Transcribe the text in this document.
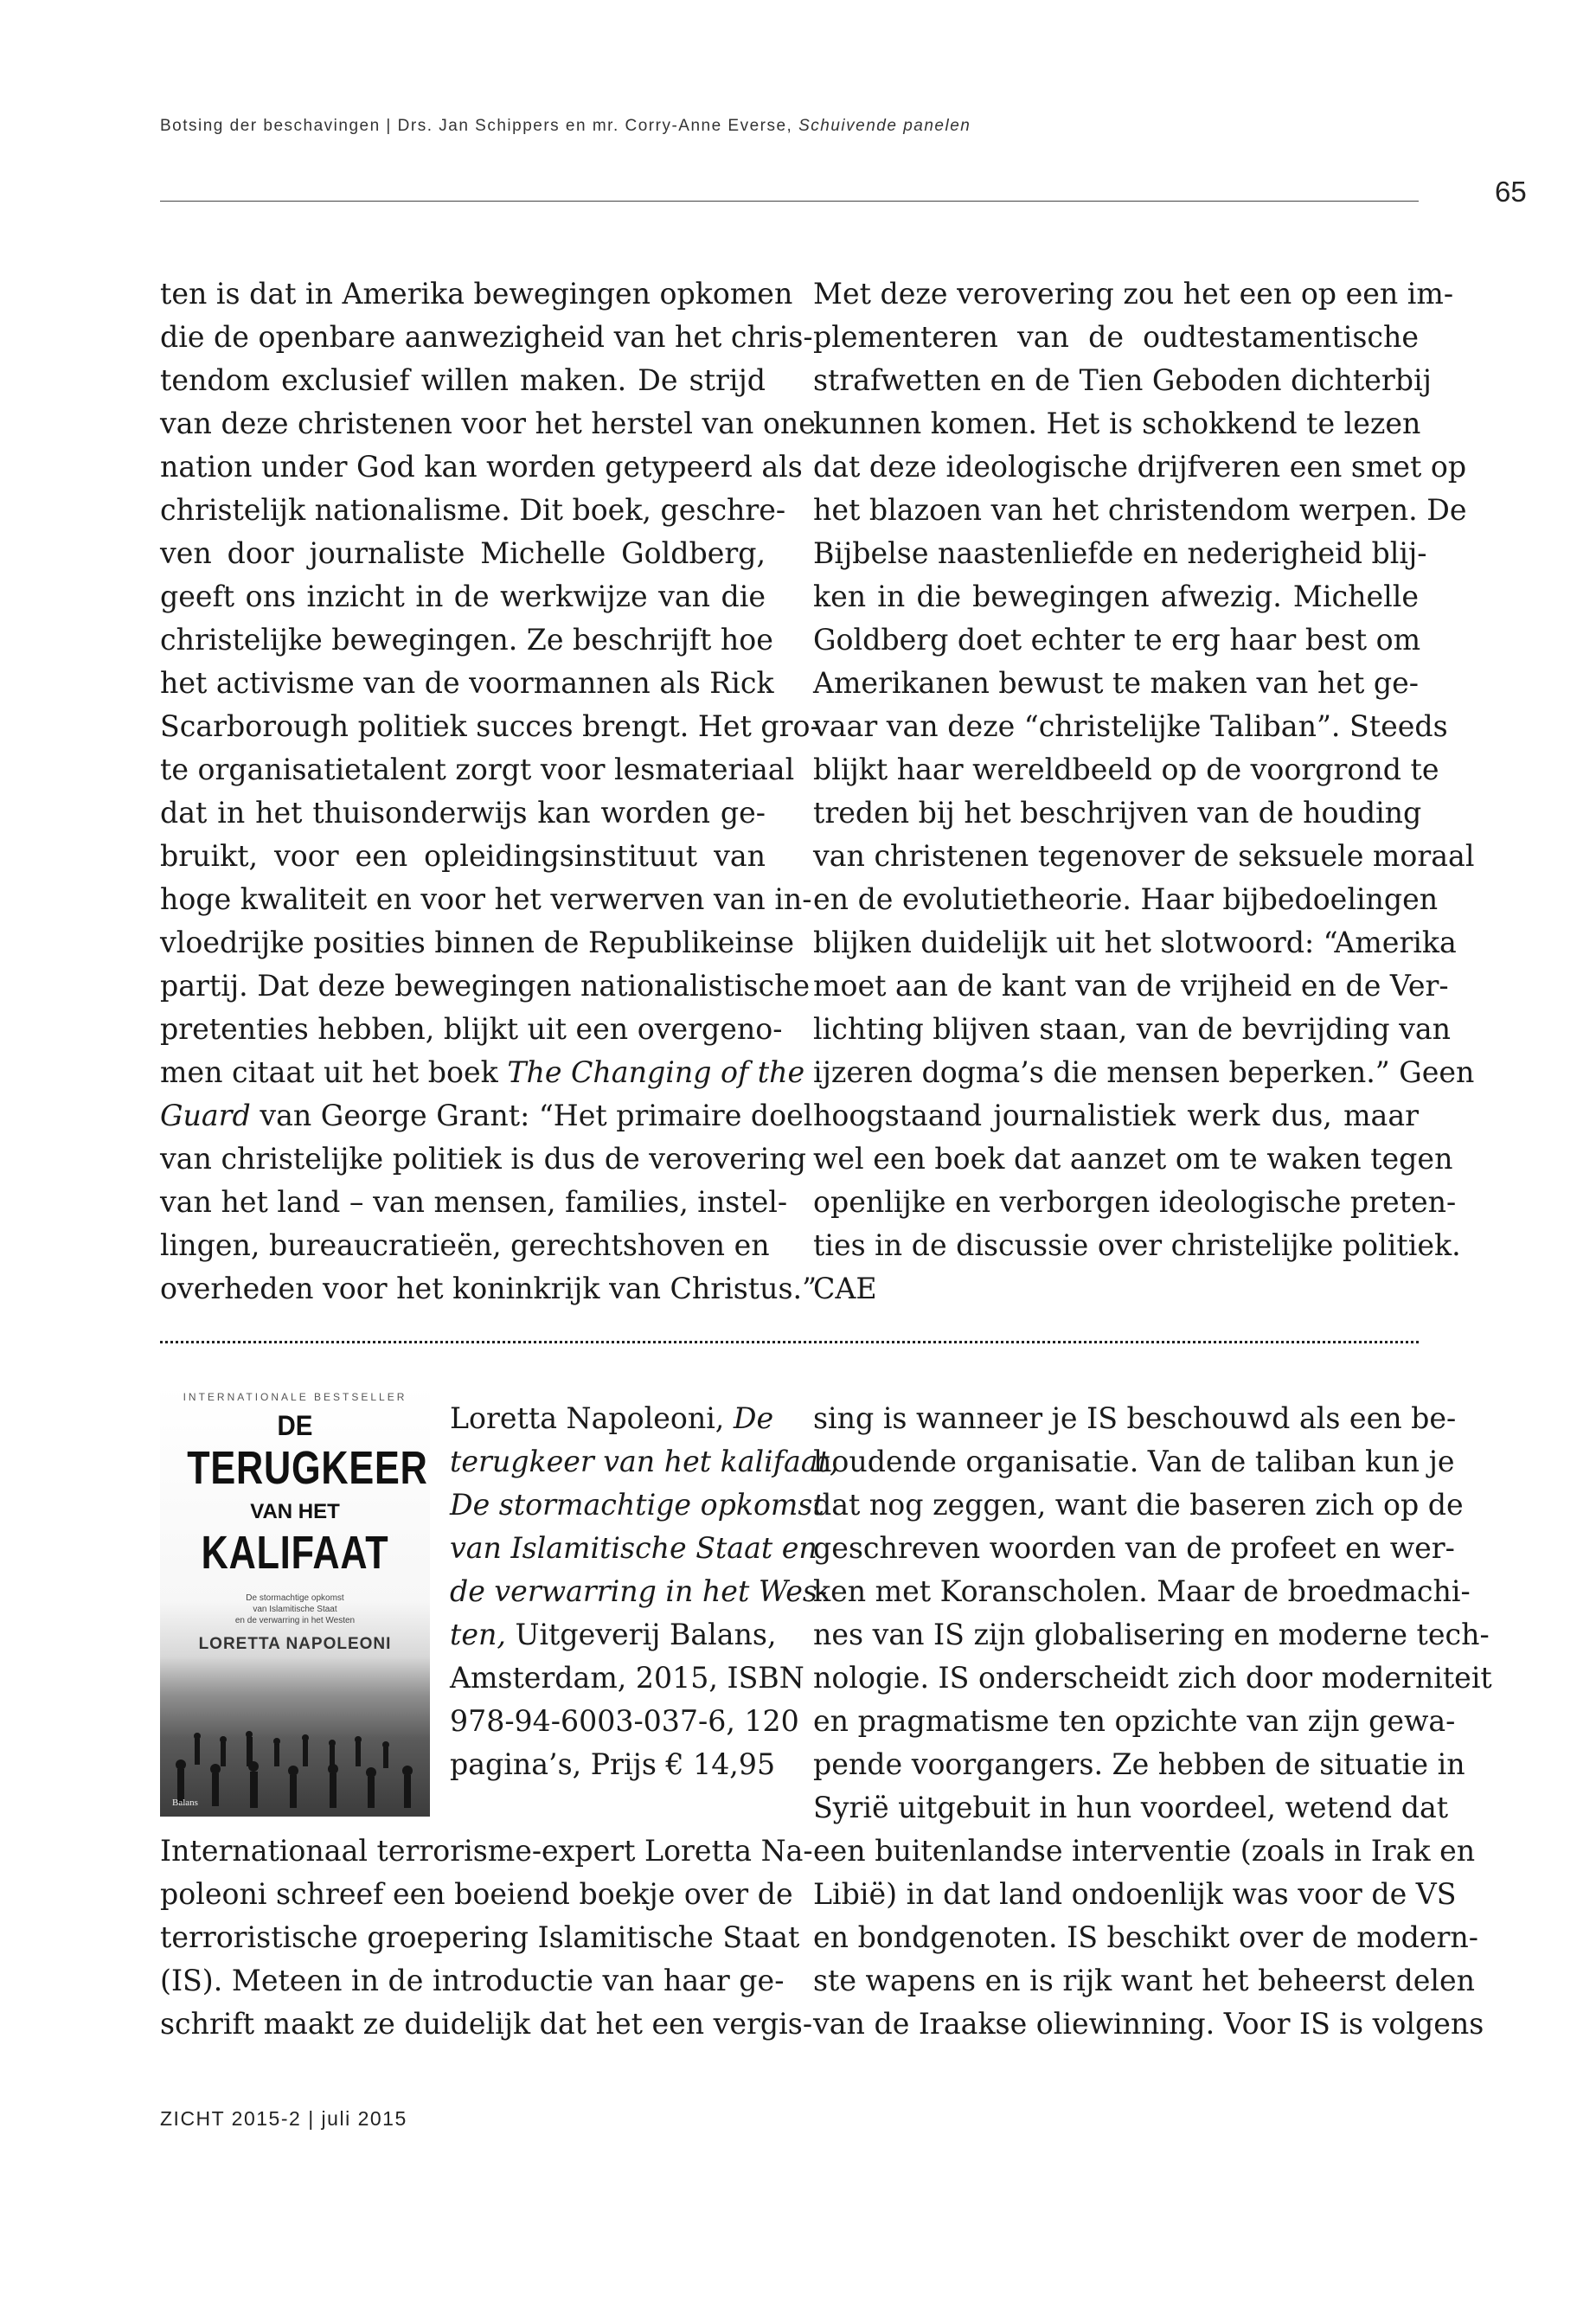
Botsing der beschavingen | Drs. Jan Schippers en mr. Corry-Anne Everse, Schuivende panelen
65
ten is dat in Amerika bewegingen opkomen
die de openbare aanwezigheid van het chris-
tendom exclusief willen maken. De strijd
van deze christenen voor het herstel van one
nation under God kan worden getypeerd als
christelijk nationalisme. Dit boek, geschre-
ven door journaliste Michelle Goldberg,
geeft ons inzicht in de werkwijze van die
christelijke bewegingen. Ze beschrijft hoe
het activisme van de voormannen als Rick
Scarborough politiek succes brengt. Het gro-
te organisatietalent zorgt voor lesmateriaal
dat in het thuisonderwijs kan worden ge-
bruikt, voor een opleidingsinstituut van
hoge kwaliteit en voor het verwerven van in-
vloedrijke posities binnen de Republikeinse
partij. Dat deze bewegingen nationalistische
pretenties hebben, blijkt uit een overgeno-
men citaat uit het boek The Changing of the
Guard van George Grant: “Het primaire doel
van christelijke politiek is dus de verovering
van het land – van mensen, families, instel-
lingen, bureaucratieën, gerechtshoven en
overheden voor het koninkrijk van Christus.”
Met deze verovering zou het een op een im-
plementeren van de oudtestamentische
strafwetten en de Tien Geboden dichterbij
kunnen komen. Het is schokkend te lezen
dat deze ideologische drijfveren een smet op
het blazoen van het christendom werpen. De
Bijbelse naastenliefde en nederigheid blij-
ken in die bewegingen afwezig. Michelle
Goldberg doet echter te erg haar best om
Amerikanen bewust te maken van het ge-
vaar van deze “christelijke Taliban”. Steeds
blijkt haar wereldbeeld op de voorgrond te
treden bij het beschrijven van de houding
van christenen tegenover de seksuele moraal
en de evolutietheorie. Haar bijbedoelingen
blijken duidelijk uit het slotwoord: “Amerika
moet aan de kant van de vrijheid en de Ver-
lichting blijven staan, van de bevrijding van
ijzeren dogma’s die mensen beperken.” Geen
hoogstaand journalistiek werk dus, maar
wel een boek dat aanzet om te waken tegen
openlijke en verborgen ideologische preten-
ties in de discussie over christelijke politiek.
CAE
INTERNATIONALE BESTSELLER
DE
TERUGKEER
VAN HET
KALIFAAT
De stormachtige opkomst
van Islamitische Staat
en de verwarring in het Westen
LORETTA NAPOLEONI
Balans
Loretta Napoleoni, De
terugkeer van het kalifaat,
De stormachtige opkomst
van Islamitische Staat en
de verwarring in het Wes-
ten, Uitgeverij Balans,
Amsterdam, 2015, ISBN
978-94-6003-037-6, 120
pagina’s, Prijs € 14,95
Internationaal terrorisme-expert Loretta Na-
poleoni schreef een boeiend boekje over de
terroristische groepering Islamitische Staat
(IS). Meteen in de introductie van haar ge-
schrift maakt ze duidelijk dat het een vergis-
sing is wanneer je IS beschouwd als een be-
houdende organisatie. Van de taliban kun je
dat nog zeggen, want die baseren zich op de
geschreven woorden van de profeet en wer-
ken met Koranscholen. Maar de broedmachi-
nes van IS zijn globalisering en moderne tech-
nologie. IS onderscheidt zich door moderniteit
en pragmatisme ten opzichte van zijn gewa-
pende voorgangers. Ze hebben de situatie in
Syrië uitgebuit in hun voordeel, wetend dat
een buitenlandse interventie (zoals in Irak en
Libië) in dat land ondoenlijk was voor de VS
en bondgenoten. IS beschikt over de modern-
ste wapens en is rijk want het beheerst delen
van de Iraakse oliewinning. Voor IS is volgens
ZICHT 2015-2 | juli 2015
